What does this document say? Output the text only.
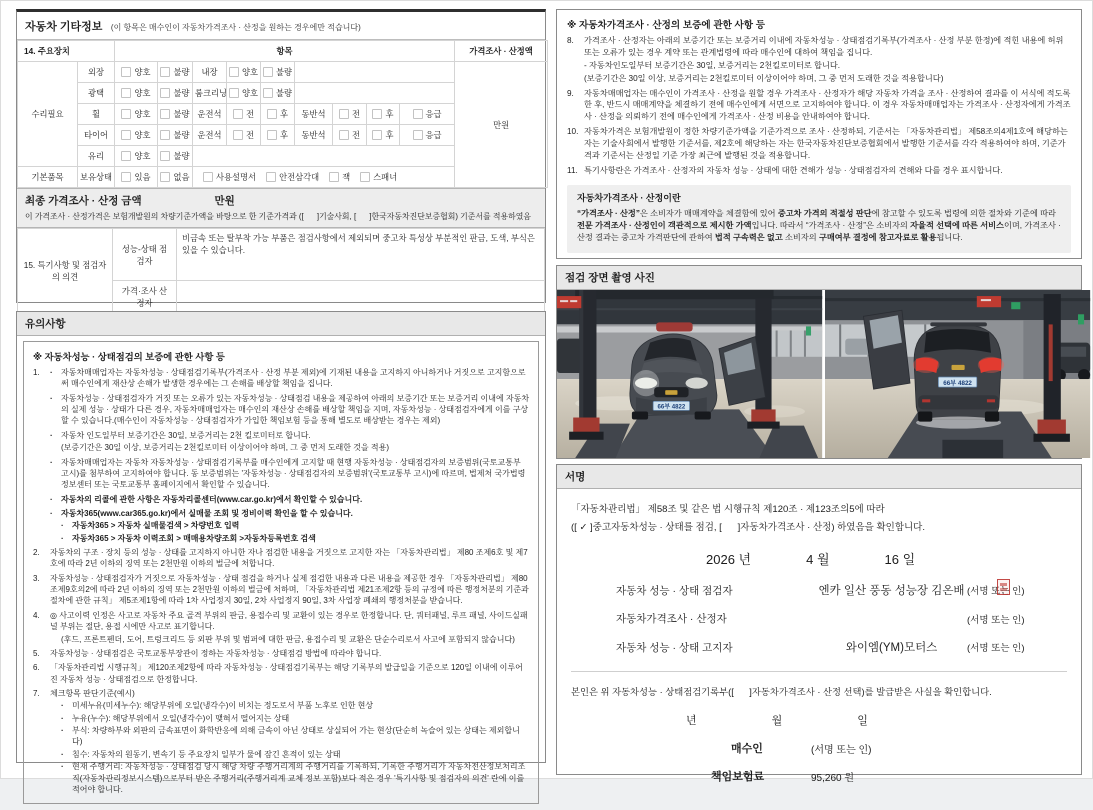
자동차 기타정보 (이 항목은 매수인이 자동차가격조사 · 산정을 원하는 경우에만 적습니다)
14. 주요장치		항목									가격조사 · 산정액
수리필요	외장	양호	불량	내장	양호	불량					만원
	광택	양호	불량	룸크리닝	양호	불량					

	휠	양호	불량	운전석	전	후	동반석	전	후	응급	

	타이어	양호	불량	운전석	전	후	동반석	전	후	응급	

	유리	양호	불량								

기본품목	보유상태	있음	없음	사용설명서 안전삼각대 잭 스패너							
최종 가격조사 · 산정 금액	만원
이 가격조사 · 산정가격은 보험개발원의 차량기준가액을 바탕으로 한 기준가격과 ([      ]기술사회, [      ]한국자동차진단보증협회) 기준서를 적용하였음
15. 특기사항 및 점검자의 의견	성능-상태 점검자	비금속 또는 탈부착 가능 부품은 점검사항에서 제외되며 중고차 특성상 부분적인 판금, 도색, 부식은 있을 수 있습니다.
	가격·조사 산정자	
유의사항
※ 자동차성능 · 상태점검의 보증에 관한 사항 등
1.	·	자동차매매업자는 자동차성능 · 상태점검기록부(가격조사 · 산정 부분 제외)에 기재된 내용을 고지하지 아니하거나 거짓으로 고지함으로써 매수인에게 재산상 손해가 발생한 경우에는 그 손해를 배상할 책임을 집니다.
·	자동차성능 · 상태점검자가 거짓 또는 오류가 있는 자동차성능 · 상태점검 내용을 제공하여 아래의 보증기간 또는 보증거리 이내에 자동차의 실제 성능 · 상태가 다른 경우, 자동차매매업자는 매수인의 재산상 손해를 배상할 책임을 지며, 자동차성능 · 상태점검자에게 이를 구상할 수 있습니다.(매수인이 자동차성능 · 상태점검자가 가입한 책임보험 등을 통해 별도로 배상받는 경우는 제외)
·	자동차 인도일부터 보증기간은 30일, 보증거리는 2천 킬로미터로 합니다.
(보증기간은 30일 이상, 보증거리는 2천킬로미터 이상이어야 하며, 그 중 먼저 도래한 것을 적용)
·	자동차매매업자는 자동차 자동차성능 · 상태점검기록부를 매수인에게 고지할 때 현행 자동차성능 · 상태점검자의 보증범위(국토교통부 고시)를 첨부하여 고지하여야 합니다. 동 보증범위는 '자동차성능 · 상태점검자의 보증범위'(국토교통부 고시)에 따르며, 법제처 국가법령정보센터 또는 국토교통부 홈페이지에서 확인할 수 있습니다.
·	자동차의 리콜에 관한 사항은 자동차리콜센터(www.car.go.kr)에서 확인할 수 있습니다.
·	자동차365(www.car365.go.kr)에서 실매물 조회 및 정비이력 확인을 할 수 있습니다.
·	자동차365 > 자동차 실매물검색 > 차량번호 입력
·	자동차365 > 자동차 이력조회 > 매매용차량조회 >자동차등록번호 검색
2.	자동차의 구조 · 장치 등의 성능 · 상태를 고지하지 아니한 자나 점검한 내용을 거짓으로 고지한 자는 「자동차관리법」 제80 조제6호 및 제7호에 따라 2년 이하의 징역 또는 2천만원 이하의 벌금에 처합니다.
3.	자동차성능 · 상태점검자가 거짓으로 자동차성능 · 상태 점검을 하거나 실제 점검한 내용과 다른 내용을 제공한 경우 「자동차관리법」 제80조제9호의2에 따라 2년 이하의 징역 또는 2천만원 이하의 벌금에 처하며, 「자동차관리법 제21조제2항 등의 규정에 따른 행정처분의 기준과 절차에 관한 규칙」 제5조제1항에 따라 1차 사업정지 30일, 2차 사업정지 90일, 3차 사업장 폐쇄의 행정처분을 받습니다.
4.	◎ 사고이력 인정은 사고로 자동차 주요 골격 부위의 판금, 용접수리 및 교환이 있는 경우로 한정합니다. 단, 쿼터패널, 루프 패널, 사이드실패널 부위는 절단, 용접 시에만 사고로 표기합니다.
(후드, 프론트펜더, 도어, 트렁크리드 등 외판 부위 및 범퍼에 대한 판금, 용접수리 및 교환은 단순수리로서 사고에 포함되지 않습니다)
5.	자동차성능 · 상태점검은 국토교통부장관이 정하는 자동차성능 · 상태점검 방법에 따라야 합니다.
6.	「자동차관리법 시행규칙」 제120조제2항에 따라 자동차성능 · 상태점검기록부는 해당 기록부의 발급일을 기준으로 120일 이내에 이루어진 자동차 성능 · 상태점검으로 한정합니다.
7.	체크항목 판단기준(예시)
·	미세누유(미세누수): 해당부위에 오일(냉각수)이 비치는 정도로서 부품 노후로 인한 현상
·	누유(누수): 해당부위에서 오일(냉각수)이 맺혀서 떨어지는 상태
·	부식: 차량하부와 외판의 금속표면이 화학반응에 의해 금속이 아닌 상태로 상실되어 가는 현상(단순히 녹슬어 있는 상태는 제외합니다)
·	침수: 자동차의 원동기, 변속기 등 주요장치 일부가 물에 잠긴 흔적이 있는 상태
·	현재 주행거리: 자동차성능 · 상태점검 당시 해당 차량 주행거리계의 주행거리를 기록하되, 기록한 주행거리가 자동차전산정보처리조직(자동차관리정보시스템)으로부터 받은 주행거리(주행거리계 교체 정보 포함)보다 적은 경우 '특기사항 및 점검자의 의견' 란에 이를 적어야 합니다.
※ 자동차가격조사 · 산정의 보증에 관한 사항 등
8.	가격조사 · 산정자는 아래의 보증기간 또는 보증거리 이내에 자동차성능 · 상태점검기록부(가격조사 · 산정 부분 한정)에 적힌 내용에 허위 또는 오류가 있는 경우 계약 또는 관계법령에 따라 매수인에 대하여 책임을 집니다.
- 자동차인도일부터 보증기간은 30일, 보증거리는 2천킬로미터로 합니다.
(보증기간은 30일 이상, 보증거리는 2천킬로미터 이상이어야 하며, 그 중 먼저 도래한 것을 적용합니다)
9.	자동차매매업자는 매수인이 가격조사 · 산정을 원할 경우 가격조사 · 산정자가 해당 자동차 가격을 조사 · 산정하여 결과를 이 서식에 적도록 한 후, 반드시 매매계약을 체결하기 전에 매수인에게 서면으로 고지하여야 합니다. 이 경우 자동차매매업자는 가격조사 · 산정자에게 가격조사 · 산정을 의뢰하기 전에 매수인에게 가격조사 · 산정 비용을 안내하여야 합니다.
10. 자동차가격은 보험개발원이 정한 차량기준가액을 기준가격으로 조사 · 산정하되, 기준서는 「자동차관리법」 제58조의4제1호에 해당하는 자는 기술사회에서 발행한 기준서를, 제2호에 해당하는 자는 한국자동차진단보증협회에서 발행한 기준서를 각각 적용하여야 하며, 기준가격과 기준서는 산정일 기준 가장 최근에 발행된 것을 적용합니다.
11. 특기사항란은 가격조사 · 산정자의 자동차 성능 · 상태에 대한 견해가 성능 · 상태점검자의 견해와 다를 경우 표시합니다.
자동차가격조사 · 산정이란
“가격조사 · 산정”은 소비자가 매매계약을 체결함에 있어 중고차 가격의 적절성 판단에 참고할 수 있도록 법령에 의한 절차와 기준에 따라 전문 가격조사 · 산정인이 객관적으로 제시한 가액입니다. 따라서 “가격조사 · 산정”은 소비자의 자율적 선택에 따른 서비스이며, 가격조사 · 산정 결과는 중고차 가격판단에 관하여 법적 구속력은 없고 소비자의 구매여부 결정에 참고자료로 활용됩니다.
점검 장면 촬영 사진
66부 4822
66부 4822
서명
「자동차관리법」 제58조 및 같은 법 시행규칙 제120조 · 제123조의5에 따라
([ ✓ ]중고자동차성능 · 상태를 점검, [      ]자동차가격조사 · 산정) 하였음을 확인합니다.
2026 년	4 월	16 일
자동차 성능 · 상태 점검자	엔카 일산 풍동 성능장 김온배 (서명 또는 인)
자동차가격조사 · 산정자	(서명 또는 인)
자동차 성능 · 상태 고지자	와이엠(YM)모터스	(서명 또는 인)
본인은 위 자동차성능 · 상태점검기록부([      ]자동차가격조사 · 산정 선택)를 발급받은 사실을 확인합니다.
년	월	일
매수인	(서명 또는 인)
책임보험료	95,260 원
